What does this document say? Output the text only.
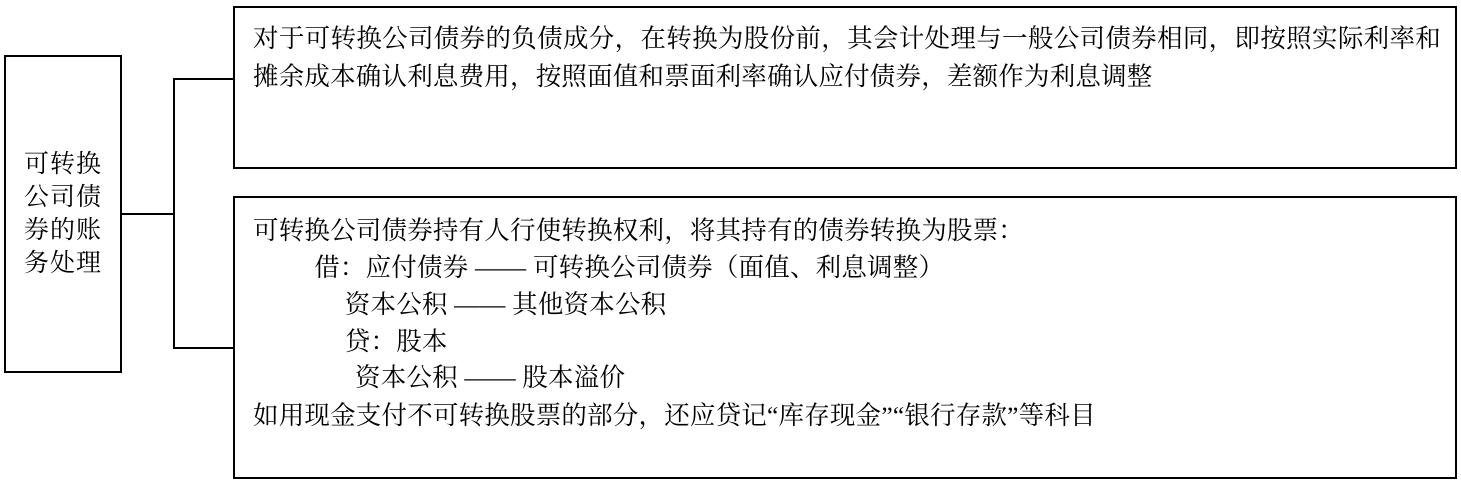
可转换公司债券的账务处理
对于可转换公司债券的负债成分，在转换为股份前，其会计处理与一般公司债券相同，即按照实际利率和摊余成本确认利息费用，按照面值和票面利率确认应付债券，差额作为利息调整
可转换公司债券持有人行使转换权利，将其持有的债券转换为股票：
借：应付债券 —— 可转换公司债券（面值、利息调整）
资本公积 —— 其他资本公积
贷：股本
资本公积 —— 股本溢价
如用现金支付不可转换股票的部分，还应贷记“库存现金”“银行存款”等科目
